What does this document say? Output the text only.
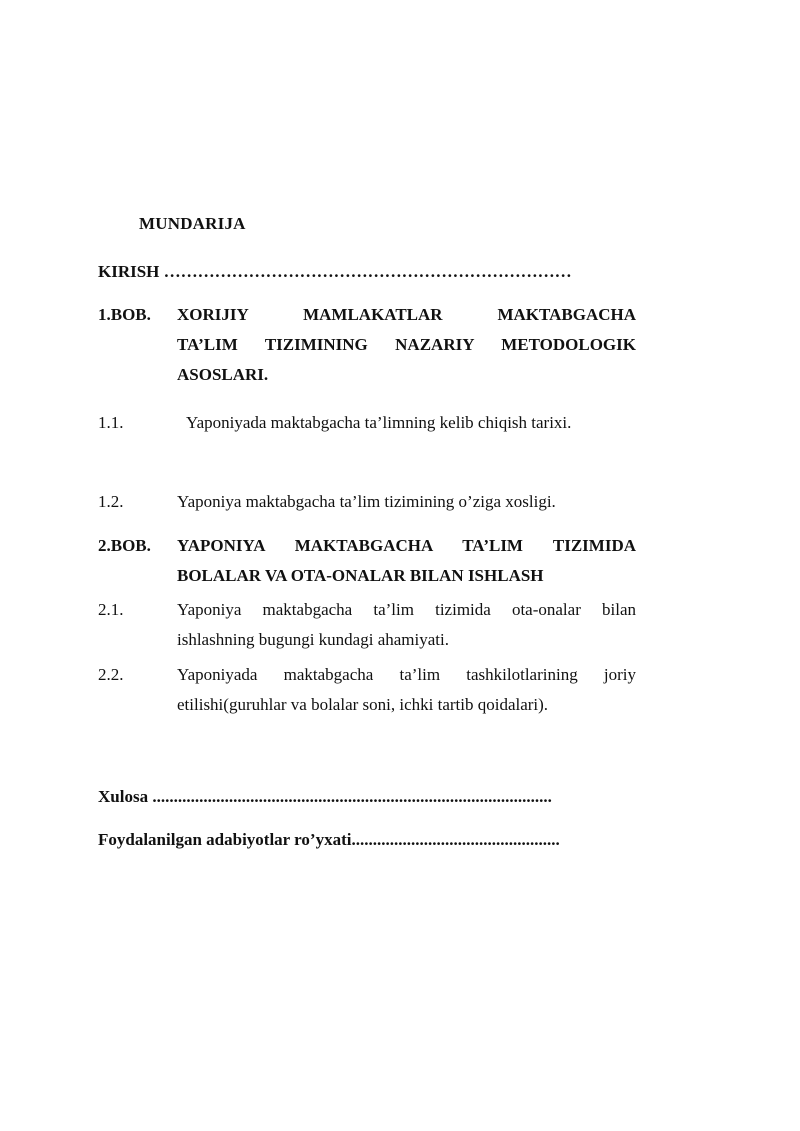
MUNDARIJA
KIRISH ………………………………………………………………
1.BOB. XORIJIY MAMLAKATLAR MAKTABGACHA
TA’LIM TIZIMINING NAZARIY METODOLOGIK
ASOSLARI.
1.1.	Yaponiyada maktabgacha ta’limning kelib chiqish tarixi.
1.2.	Yaponiya maktabgacha ta’lim tizimining o’ziga xosligi.
2.BOB. YAPONIYA MAKTABGACHA TA’LIM TIZIMIDA
BOLALAR VA OTA-ONALAR BILAN ISHLASH
2.1.	Yaponiya maktabgacha ta’lim tizimida ota-onalar bilan
ishlashning bugungi kundagi ahamiyati.
2.2.	Yaponiyada maktabgacha ta’lim tashkilotlarining joriy
etilishi(guruhlar va bolalar soni, ichki tartib qoidalari).
Xulosa ..............................................................................................
Foydalanilgan adabiyotlar ro’yxati.................................................
